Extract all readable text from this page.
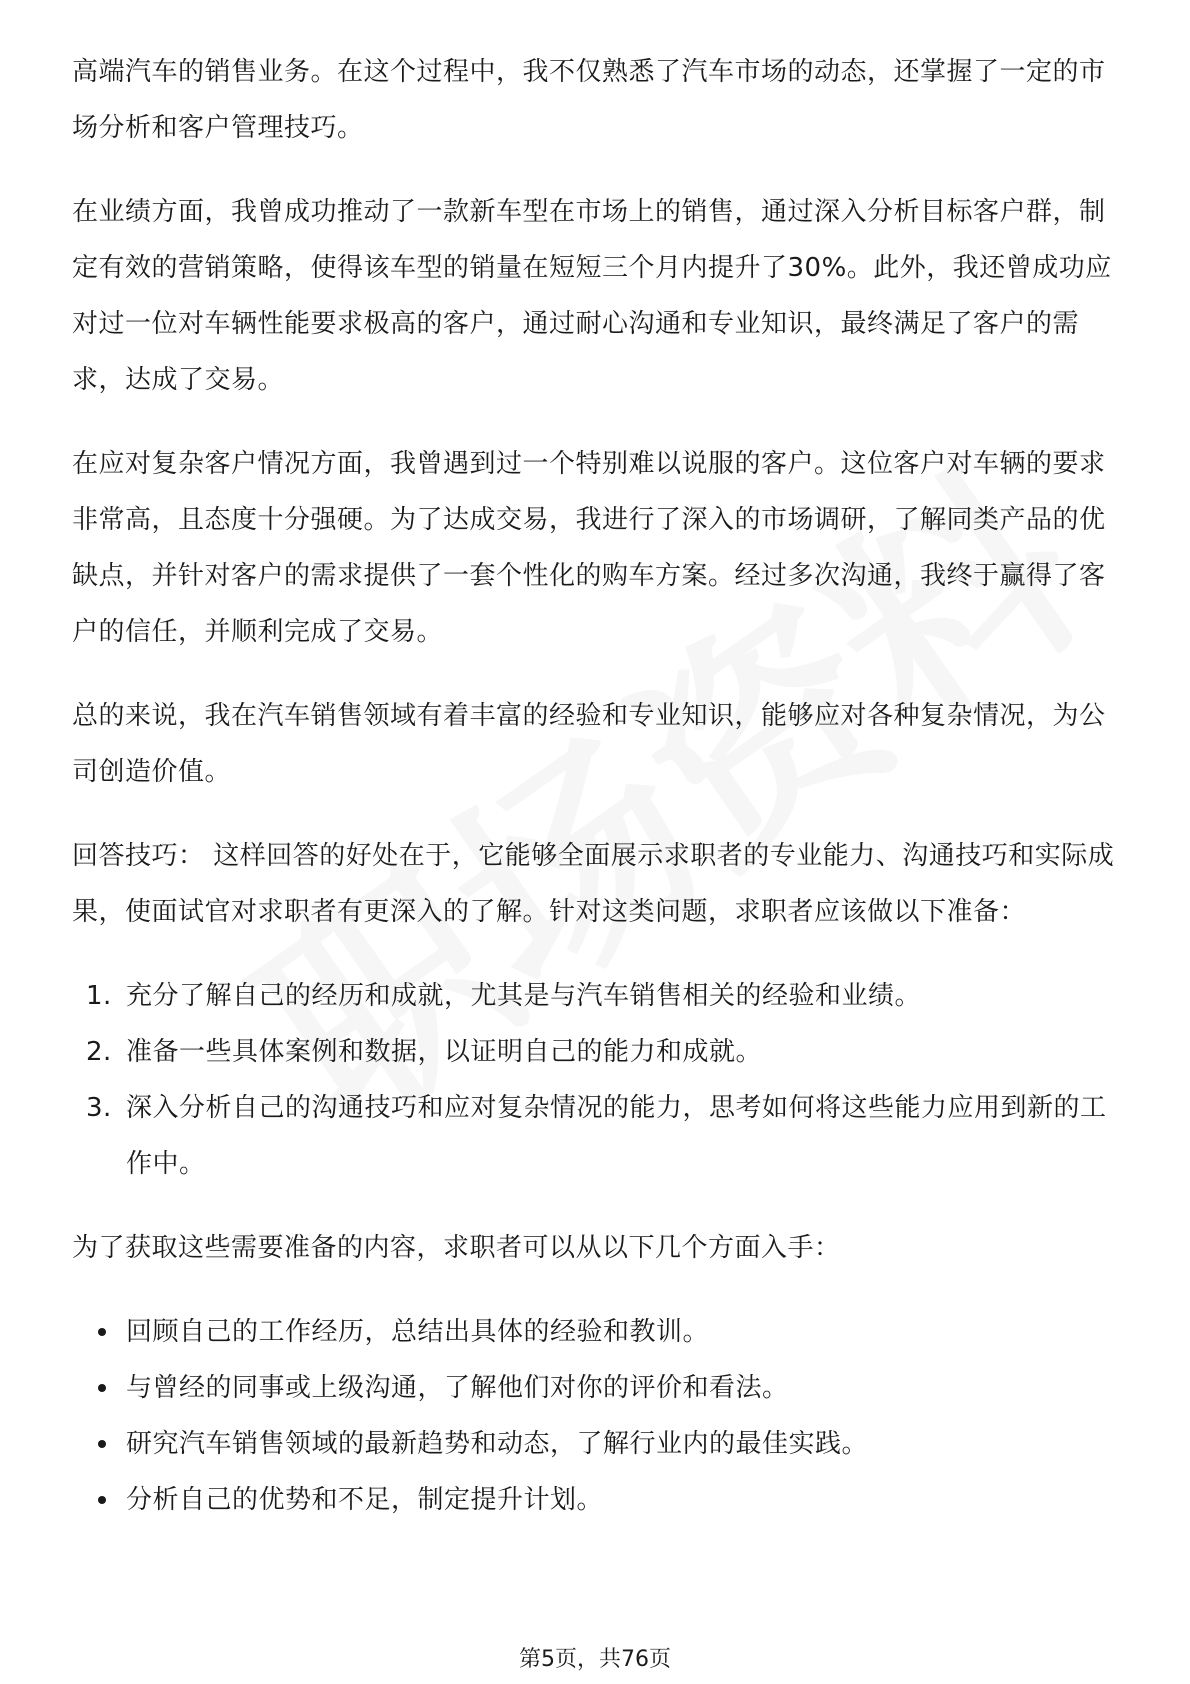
高端汽车的销售业务。在这个过程中，我不仅熟悉了汽车市场的动态，还掌握了一定的市场分析和客户管理技巧。

在业绩方面，我曾成功推动了一款新车型在市场上的销售，通过深入分析目标客户群，制定有效的营销策略，使得该车型的销量在短短三个月内提升了30%。此外，我还曾成功应对过一位对车辆性能要求极高的客户，通过耐心沟通和专业知识，最终满足了客户的需求，达成了交易。

在应对复杂客户情况方面，我曾遇到过一个特别难以说服的客户。这位客户对车辆的要求非常高，且态度十分强硬。为了达成交易，我进行了深入的市场调研，了解同类产品的优缺点，并针对客户的需求提供了一套个性化的购车方案。经过多次沟通，我终于赢得了客户的信任，并顺利完成了交易。

总的来说，我在汽车销售领域有着丰富的经验和专业知识，能够应对各种复杂情况，为公司创造价值。

回答技巧： 这样回答的好处在于，它能够全面展示求职者的专业能力、沟通技巧和实际成果，使面试官对求职者有更深入的了解。针对这类问题，求职者应该做以下准备：

1. 充分了解自己的经历和成就，尤其是与汽车销售相关的经验和业绩。
2. 准备一些具体案例和数据，以证明自己的能力和成就。
3. 深入分析自己的沟通技巧和应对复杂情况的能力，思考如何将这些能力应用到新的工作中。

为了获取这些需要准备的内容，求职者可以从以下几个方面入手：

回顾自己的工作经历，总结出具体的经验和教训。
与曾经的同事或上级沟通，了解他们对你的评价和看法。
研究汽车销售领域的最新趋势和动态，了解行业内的最佳实践。
分析自己的优势和不足，制定提升计划。
第5页，共76页
